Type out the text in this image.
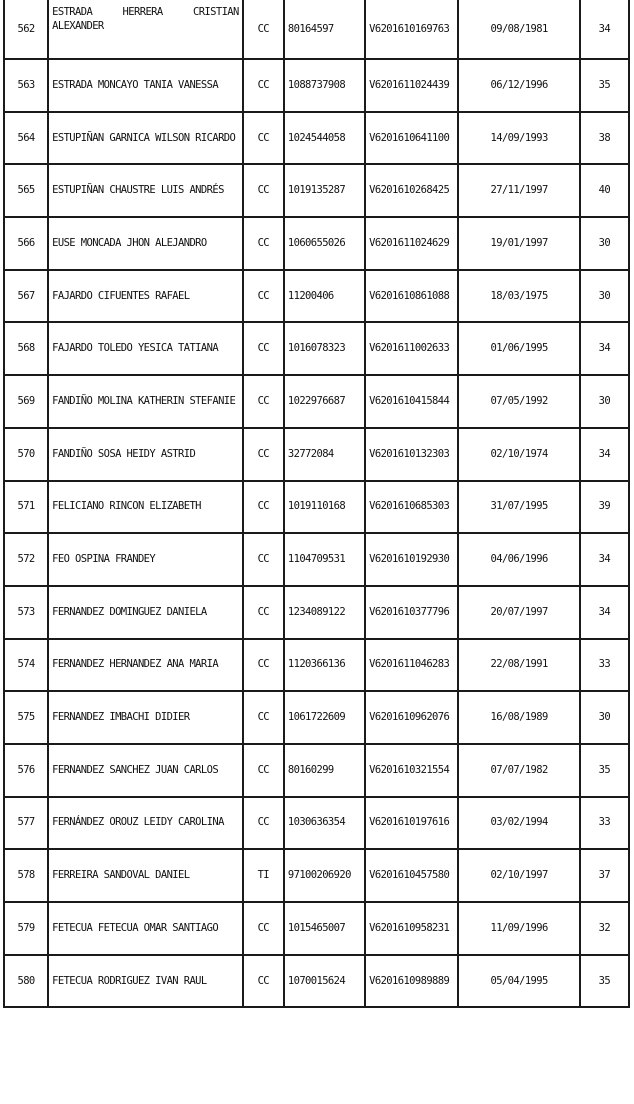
562	ESTRADA HERRERA CRISTIAN ALEXANDER	CC	80164597	V6201610169763	09/08/1981	34
563	ESTRADA MONCAYO TANIA VANESSA	CC	1088737908	V6201611024439	06/12/1996	35
564	ESTUPIÑAN GARNICA WILSON RICARDO	CC	1024544058	V6201610641100	14/09/1993	38
565	ESTUPIÑAN CHAUSTRE LUIS ANDRÉS	CC	1019135287	V6201610268425	27/11/1997	40
566	EUSE MONCADA JHON ALEJANDRO	CC	1060655026	V6201611024629	19/01/1997	30
567	FAJARDO CIFUENTES RAFAEL	CC	11200406	V6201610861088	18/03/1975	30
568	FAJARDO TOLEDO YESICA TATIANA	CC	1016078323	V6201611002633	01/06/1995	34
569	FANDIÑO MOLINA KATHERIN STEFANIE	CC	1022976687	V6201610415844	07/05/1992	30
570	FANDIÑO SOSA HEIDY ASTRID	CC	32772084	V6201610132303	02/10/1974	34
571	FELICIANO RINCON ELIZABETH	CC	1019110168	V6201610685303	31/07/1995	39
572	FEO OSPINA FRANDEY	CC	1104709531	V6201610192930	04/06/1996	34
573	FERNANDEZ DOMINGUEZ DANIELA	CC	1234089122	V6201610377796	20/07/1997	34
574	FERNANDEZ HERNANDEZ ANA MARIA	CC	1120366136	V6201611046283	22/08/1991	33
575	FERNANDEZ IMBACHI DIDIER	CC	1061722609	V6201610962076	16/08/1989	30
576	FERNANDEZ SANCHEZ JUAN CARLOS	CC	80160299	V6201610321554	07/07/1982	35
577	FERNÁNDEZ OROUZ LEIDY CAROLINA	CC	1030636354	V6201610197616	03/02/1994	33
578	FERREIRA SANDOVAL DANIEL	TI	97100206920	V6201610457580	02/10/1997	37
579	FETECUA FETECUA OMAR SANTIAGO	CC	1015465007	V6201610958231	11/09/1996	32
580	FETECUA RODRIGUEZ IVAN RAUL	CC	1070015624	V6201610989889	05/04/1995	35
